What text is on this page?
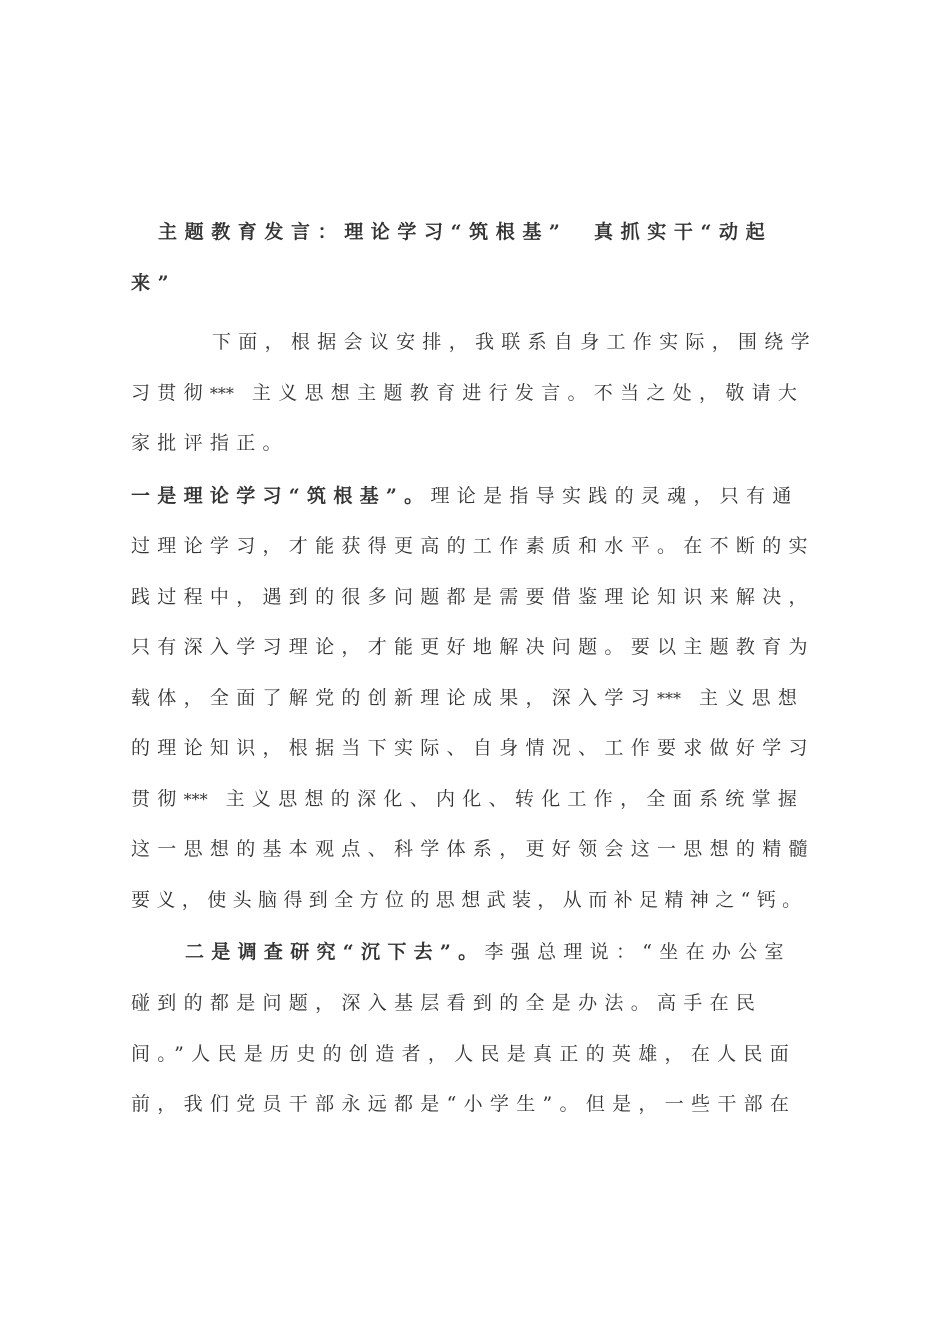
主题教育发言：理论学习“筑根基”　真抓实干“动起
来”
下面，根据会议安排，我联系自身工作实际，围绕学
习贯彻*** 主义思想主题教育进行发言。不当之处，敬请大
家批评指正。
一是理论学习“筑根基”。理论是指导实践的灵魂，只有通
过理论学习，才能获得更高的工作素质和水平。在不断的实
践过程中，遇到的很多问题都是需要借鉴理论知识来解决，
只有深入学习理论，才能更好地解决问题。要以主题教育为
载体，全面了解党的创新理论成果，深入学习*** 主义思想
的理论知识，根据当下实际、自身情况、工作要求做好学习
贯彻*** 主义思想的深化、内化、转化工作，全面系统掌握
这一思想的基本观点、科学体系，更好领会这一思想的精髓
要义，使头脑得到全方位的思想武装，从而补足精神之“钙。
二是调查研究“沉下去”。李强总理说：“坐在办公室
碰到的都是问题，深入基层看到的全是办法。高手在民
间。”人民是历史的创造者，人民是真正的英雄，在人民面
前，我们党员干部永远都是“小学生”。但是，一些干部在
